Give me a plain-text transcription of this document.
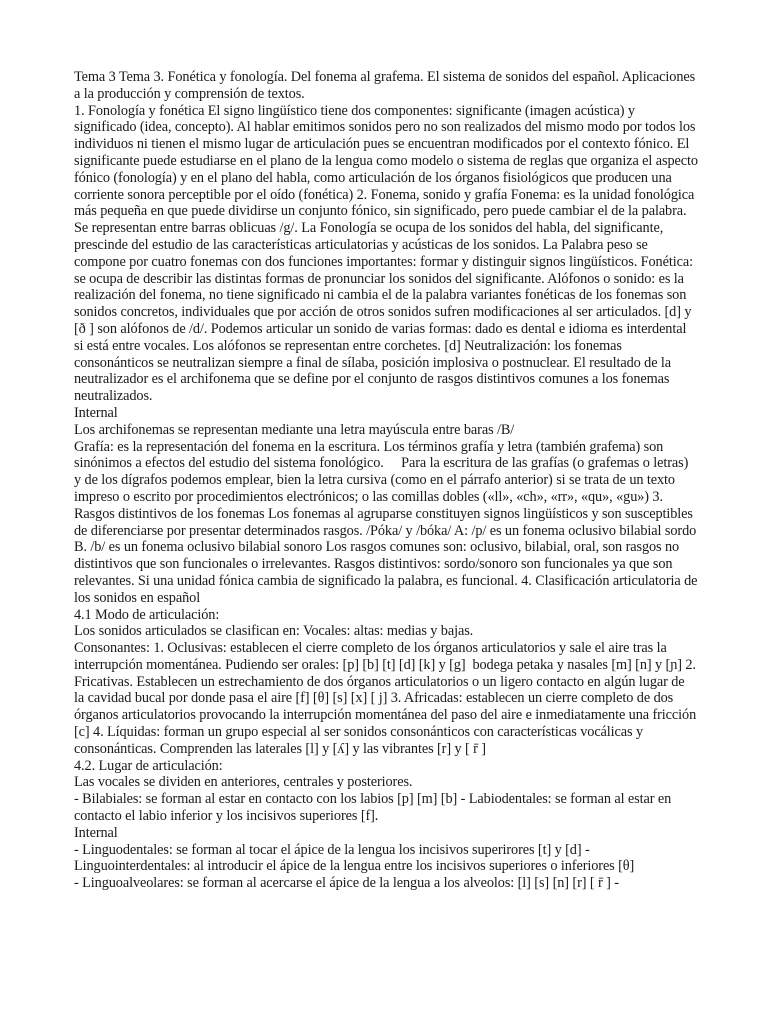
Tema 3 Tema 3. Fonética y fonología. Del fonema al grafema. El sistema de sonidos del español. Aplicaciones a la producción y comprensión de textos.

1. Fonología y fonética El signo lingüístico tiene dos componentes: significante (imagen acústica) y significado (idea, concepto). Al hablar emitimos sonidos pero no son realizados del mismo modo por todos los individuos ni tienen el mismo lugar de articulación pues se encuentran modificados por el contexto fónico. El significante puede estudiarse en el plano de la lengua como modelo o sistema de reglas que organiza el aspecto fónico (fonología) y en el plano del habla, como articulación de los órganos fisiológicos que producen una corriente sonora perceptible por el oído (fonética) 2. Fonema, sonido y grafía Fonema: es la unidad fonológica más pequeña en que puede dividirse un conjunto fónico, sin significado, pero puede cambiar el de la palabra. Se representan entre barras oblicuas /g/. La Fonología se ocupa de los sonidos del habla, del significante, prescinde del estudio de las características articulatorias y acústicas de los sonidos. La Palabra peso se compone por cuatro fonemas con dos funciones importantes: formar y distinguir signos lingüísticos. Fonética: se ocupa de describir las distintas formas de pronunciar los sonidos del significante. Alófonos o sonido: es la realización del fonema, no tiene significado ni cambia el de la palabra variantes fonéticas de los fonemas son sonidos concretos, individuales que por acción de otros sonidos sufren modificaciones al ser articulados. [d] y [ð ] son alófonos de /d/. Podemos articular un sonido de varias formas: dado es dental e idioma es interdental si está entre vocales. Los alófonos se representan entre corchetes. [d] Neutralización: los fonemas consonánticos se neutralizan siempre a final de sílaba, posición implosiva o postnuclear. El resultado de la neutralizador es el archifonema que se define por el conjunto de rasgos distintivos comunes a los fonemas neutralizados.

Internal

Los archifonemas se representan mediante una letra mayúscula entre baras /B/

Grafía: es la representación del fonema en la escritura. Los términos grafía y letra (también grafema) son sinónimos a efectos del estudio del sistema fonológico.     Para la escritura de las grafías (o grafemas o letras) y de los dígrafos podemos emplear, bien la letra cursiva (como en el párrafo anterior) si se trata de un texto impreso o escrito por procedimientos electrónicos; o las comillas dobles («ll», «ch», «rr», «qu», «gu») 3. Rasgos distintivos de los fonemas Los fonemas al agruparse constituyen signos lingüísticos y son susceptibles de diferenciarse por presentar determinados rasgos. /Póka/ y /bóka/ A: /p/ es un fonema oclusivo bilabial sordo B. /b/ es un fonema oclusivo bilabial sonoro Los rasgos comunes son: oclusivo, bilabial, oral, son rasgos no distintivos que son funcionales o irrelevantes. Rasgos distintivos: sordo/sonoro son funcionales ya que son relevantes. Si una unidad fónica cambia de significado la palabra, es funcional. 4. Clasificación articulatoria de los sonidos en español

4.1 Modo de articulación:

Los sonidos articulados se clasifican en: Vocales: altas: medias y bajas.

Consonantes: 1. Oclusivas: establecen el cierre completo de los órganos articulatorios y sale el aire tras la interrupción momentánea. Pudiendo ser orales: [p] [b] [t] [d] [k] y [g]  bodega petaka y nasales [m] [n] y [ɲ] 2. Fricativas. Establecen un estrechamiento de dos órganos articulatorios o un ligero contacto en algún lugar de la cavidad bucal por donde pasa el aire [f] [θ] [s] [x] [ j] 3. Africadas: establecen un cierre completo de dos órganos articulatorios provocando la interrupción momentánea del paso del aire e inmediatamente una fricción [c] 4. Líquidas: forman un grupo especial al ser sonidos consonánticos con características vocálicas y consonánticas. Comprenden las laterales [l] y [ʎ] y las vibrantes [r] y [ r̄ ]

4.2. Lugar de articulación:

Las vocales se dividen en anteriores, centrales y posteriores.

- Bilabiales: se forman al estar en contacto con los labios [p] [m] [b] - Labiodentales: se forman al estar en contacto el labio inferior y los incisivos superiores [f].

Internal

- Linguodentales: se forman al tocar el ápice de la lengua los incisivos superirores [t] y [d] - Linguointerdentales: al introducir el ápice de la lengua entre los incisivos superiores o inferiores [θ]

- Linguoalveolares: se forman al acercarse el ápice de la lengua a los alveolos: [l] [s] [n] [r] [ r̄ ] -
